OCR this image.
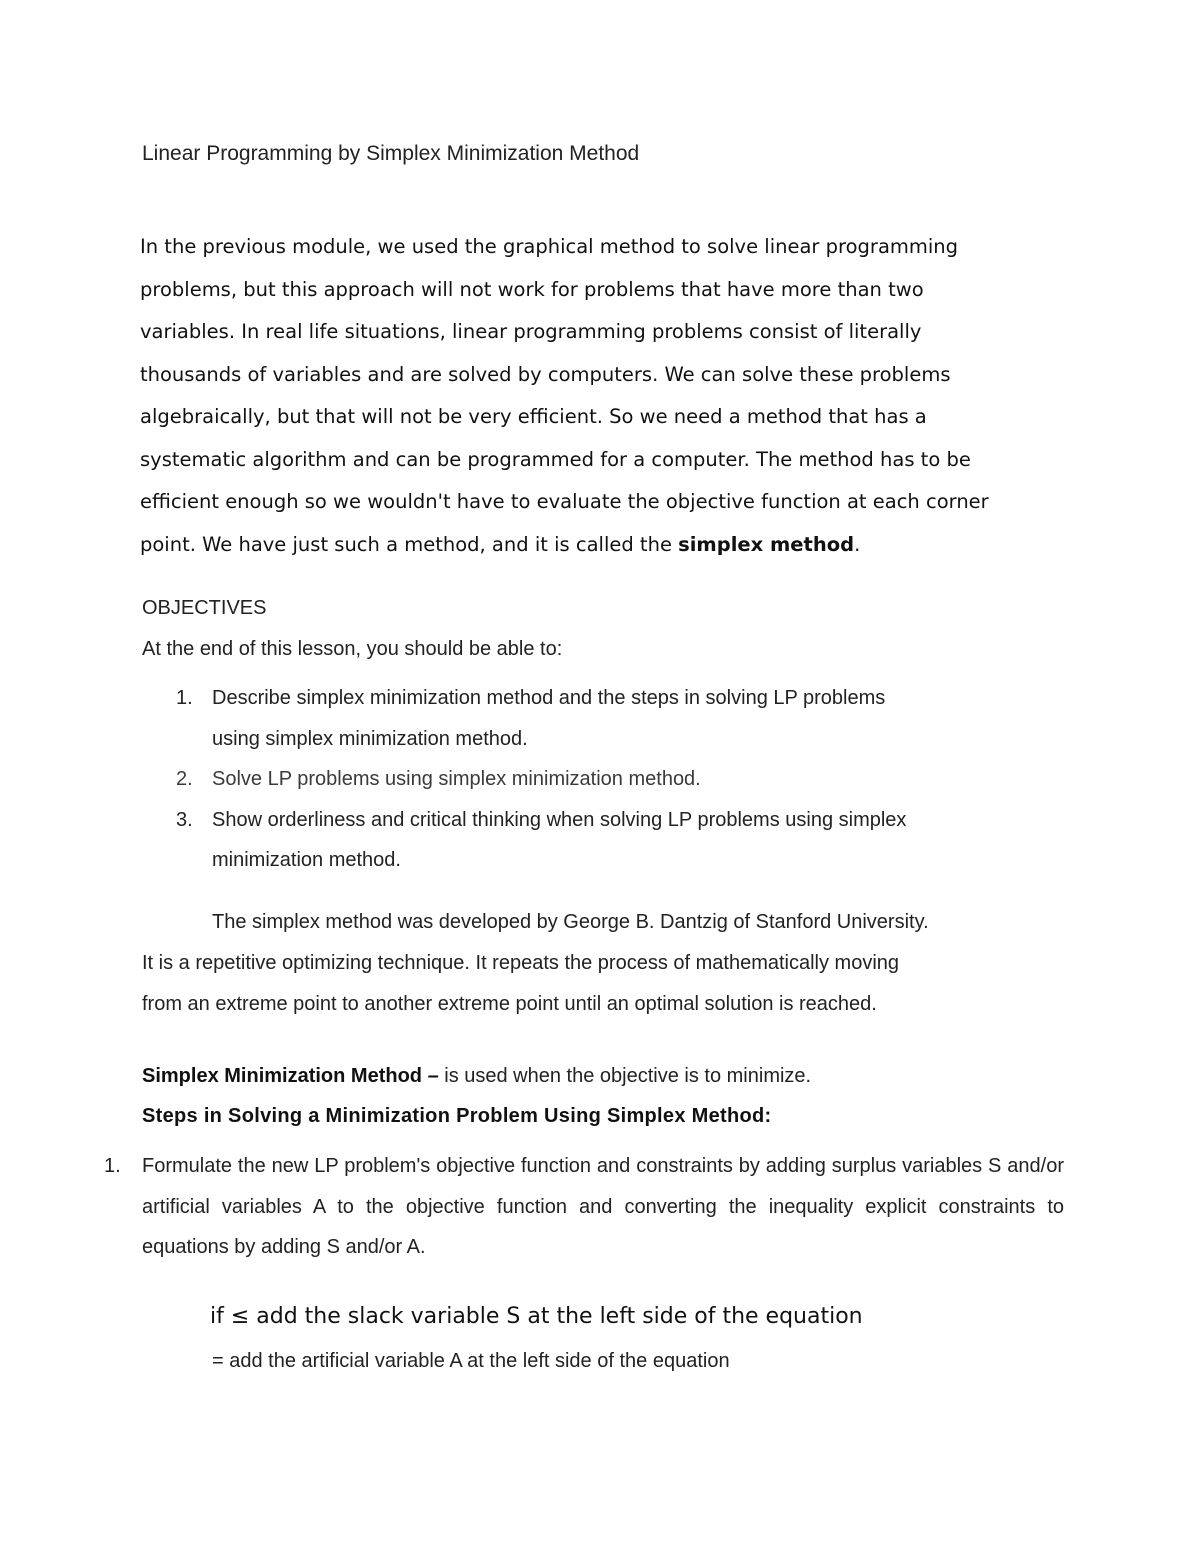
Linear Programming by Simplex Minimization Method
In the previous module, we used the graphical method to solve linear programming
problems, but this approach will not work for problems that have more than two
variables. In real life situations, linear programming problems consist of literally
thousands of variables and are solved by computers. We can solve these problems
algebraically, but that will not be very efficient. So we need a method that has a
systematic algorithm and can be programmed for a computer. The method has to be
efficient enough so we wouldn't have to evaluate the objective function at each corner
point. We have just such a method, and it is called the simplex method.
OBJECTIVES
At the end of this lesson, you should be able to:
1. Describe simplex minimization method and the steps in solving LP problems
using simplex minimization method.
2. Solve LP problems using simplex minimization method.
3. Show orderliness and critical thinking when solving LP problems using simplex
minimization method.
The simplex method was developed by George B. Dantzig of Stanford University.
It is a repetitive optimizing technique. It repeats the process of mathematically moving
from an extreme point to another extreme point until an optimal solution is reached.
Simplex Minimization Method – is used when the objective is to minimize.
Steps in Solving a Minimization Problem Using Simplex Method:
1. Formulate the new LP problem's objective function and constraints by adding surplus variables S and/or artificial variables A to the objective function and converting the inequality explicit constraints to equations by adding S and/or A.
if ≤ add the slack variable S at the left side of the equation
= add the artificial variable A at the left side of the equation
